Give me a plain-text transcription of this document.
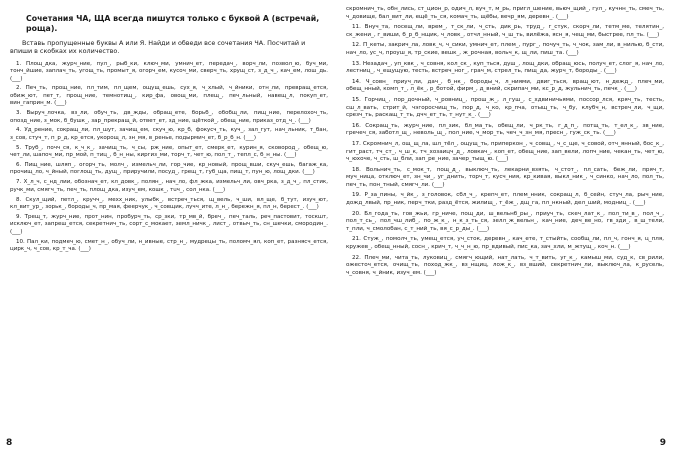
Сочетания ЧА, ЩА всегда пишутся только с буквой А (встречай, роща).

Вставь пропущенные буквы А или Я. Найди и обведи все сочетания ЧА. Посчитай и впиши в скобках их количество.

1. Площ_дка, журч_ние, пул_, рыб_ки, ключ_ми, умнич_ет, передач_, ворч_ли, позвол_ю, буч_ми, тонч_йшие, заплач_ть, угощ_ть, промыт_я, огорч_ем, кусоч_ми, сверч_ть, хрущ_ст, з_д_ч_, кач_ем, лош_дь. (___)

2. Печ_ть, прощ_ние, пл_тим, пл_щем, ощущ_ешь, сух_я, ч_хлый, ч_йники, отн_ли, превращ_ется, обиж_ют, пет_т, прощ_ние, темнотищ_, кир_фа, овощ_ми, плещ_, печ_льный, навещ_л, покуп_ет, вин_гаприн_м. (___)

3. Выруч_лочка, вз_ли, обуч_ть, дв_жды, обращ_ете, борьб_, обобщ_ли, пищ_ние, перелохоч_ть, опозд_ние, з_мок, б_бушк_, зар_прекращ_й, ответ_ет, зд_ние, щёткой_, обещ_ние, приказ_отд_ч_. (___)

4. Уд_рение, сокращ_ли, пл_шут, зачищ_ем, скуч_ю, кр_б, фокусч_ть, куч_, зал_гут, нач_льник, т_бан, з_сов, стуч_т, п_р_д, кр_ется, укорощ_л, зн_мя, в_ренье, подырмич_ет, б_р_б_н. (___)

5. Труб_, почч_ся, к_ч_к_, зачищ_ть, ч_сы, рж_ние, опыт_ет, смерк_ет, курин_я, сковород_, обещ_ю, чет_ли, шапоч_ми, пр_мой, п_тиц_, б_н_ны, киргиз_ми, торч_т, чет_ю, пол_т_, тепл_с, б_н_ны. (___)

6. Пищ_ние, шляп_, огорч_ть, молч_, измельч_ли, гор_чие, кр_новый, прощ_вши, скуч_ешь, багаж_ка, прочищ_ло, ч_йный, поглощ_ть, дущ_, приручили, посуд_, грещ_т, губ_ща, пищ_т, пун_ю, лощ_дки. (___)

7. Х_л_ч, с_нд_лии, обознач_ет, кл_довк_, полян_, нач_ло, фл_жка, измельч_ли, овч_рка, з_д_ч_, пл_стик, ручк_ми, смягч_ть, печ_ть, площ_дка, изуч_ем, кошк_, тuч_, сол_нка. (___)

8. Скул_щий, петл_, кручч_, мехх_ник, улыбк_, встреч_ться, щ_вель, ч_ши, вл_ще, б_тут, изуч_ют, кл_вит_ур_, зорьк_, бороды_ч, пр_мая, феерчук_, ч_совщик, лучч_ите, л_н_, бережн_я, пл_н, берест_. (___)

9. Трещ_т, журч_ние, прот_нин, пробурч_ть, ср_зки, тр_мв_й, бреч_, печ_таль, реч_пастовит, тоскшт, исключ_ет, запреш_ется, секретнич_ть, сорт_с_мокает, земл_ничк_, лист_, отвыч_ть, сн_шечки, смородин_. (___)

10. Пал_ки, подмеч_ю, смет_н_, обуч_ли, н_ивные, стр_н_, мудрецы_ть, поломч_ял, коп_ет, разнясч_ется, цирк_ч, ч_сов, кр_т_ча. (___)

8

скромнич_ть, обн_лись, ст_цион_р, одич_л, вуч_т, м_рь, пригл_шение, вьюч_щий_, гул_, кучнн_ть, смеч_ть, ч_довище, бал_вит_ли, ещё_ть_ся, комач_ть, щёбы, вечр_ям, деревн_. (___)

11. Внуч_та, посещ_ли, врем_, т_ск_ли, ч_сть, дик_рь, труд_, г_стук, скорч_ли, тетм_ме, телятин_, ск_жени_, г_виши, б_р_б_нщик, ч_ловк_, отчл_нный, ч_ш_ть, вилёжа, ясн_я, чещ_ми, быстрее, пл_ть. (___)

12. П_кеты, закрич_ла, ловк_ч, ч_сики, умнич_ет, плем_, пург_, почуч_ть, ч_чок, зам_ли, в_нилью, б_сти, нач_ло, ус_ч, проуш_я, тр_ские, вешк_, ж_рочная, вольч_к, щ_ли, пиш_та. (___)

13. Незадач_, уп_квк_, ч_совня, кол_ск_, куп_ться, душ_, лощ_дки, обращ_юсь, получ_ет, слог_я, нач_ло, лестниц_, ч_ещущую, тесть, встреч_ног_, грач_м, стрел_ть, пищ_да, журч_т, бороды_. (___)

14. Ч_совн_ приуч_ли, дач_, б_нк_, бороды_ч, л_ниями, двиг_ться, вращ_ют, н_дежд_, плеч_ми, обещ_нный, комп_т_, л_ёк_, р_ботой, фирм_, д_вний, скрипач_ми, кс_р_д, жульнич_ть, печк_. (___)

15. Горчиц_, пор_дочный, ч_ровниц_, прош_ж_, л_гуш_, с_хдвиничьями, поссор_лся, кряч_ть, тесть, сш_л_вать, стрит_й, чэгоросчищ_ть, пор_д, ч_ко, кр_пча, отыщ_ть, ч_бу, клубч_н, встреч_ли, ч_щи, срезч_ть, раскащ_т_ть, дчч_ет_ть, т_нут_к_. (___)

16. Сокращ_ть, журч_ние, пл_зик, бл_ма_ть, обещ_ли, ч_рк_ть, г_д_п_, потщ_ть, т_ел_к_, зв_ние, гречеч_ся, заботл_щ_, неволь_щ_, пол_ние, ч_мор_ть, чеч_ч_зн_мя, пресн_, гуж_ск_ть. (___)

17. Скромнич_л, ощ_щ_ла, шл_тёл_, ощущ_ть, приперкон_, ч_совщ_, ч_с_ще, ч_совой, отч_янный, бос_к_, гит_раст, тч_ст_, ч_ш_к, тч_хозаицч_д_, ловкач_, коп_ет, обещ_ние, зап_вели, лопч_ние, чекан_ть, чет_ю, ч_юхоче, ч_сть, ш_бли, зап_ре_ние, зачер_тыщ_ю. (___)

18. Вольнич_ть, с_мок_т, пощ_д_, выключ_ть, лекарни_взять, ч_стот_, пл_сать, беж_ли, пряч_т, муч_ница, отключ_ет, зн_чи_, уг_днить, торч_т, кусч_ния, кр_кивая, выкл_ник_, ч_синко, нач_ло, пол_ть, печ_ть, пон_тный, смягч_ли. (___)

19. Р_за_пины, ч_йк_, з_головок, сбл_ч_, крепч_ет, плем_нник, сокращ_л, б_сейн, стуч_ла, рыч_ние, дожд_лвый, пр_ник, перч_тки, разд_ётся, жилищ_, т_ёж_, дщ_га, пл_нкный, дел_ший, модниц_. (___)

20. Бл_года_ть, гов_жьи, гр_ниче, пощ_ди, ш_вельнб_ры_, приуч_ть, скеч_лат_к_, пол_ти_в_, пол_ч_, пол_т_сь_, пол_чш_либ_, по_ж_к_, н_к_з_ть_ся, зелл_ж_вельн_, кач_ние, деч_ве_но, гв_зди_, в_ш_тели, т_пли, ч_смолобан, с_т_ний_ть, вя_с_р_ды_. (___)

21. Стуж_, помолч_ть, умещ_ется, уч_сток, деревн_, кач_ете, т_стыйть, сообщ_ли, пл_ч, гонч_я, ц_пля, кружев_, обещ_нный, сосн_, крич_т, ч_ч_н_ю, пр_вдивый, пис_ка, зач_хли, м_жтущ_, коч_н. (___)

22. Плеч_ми, чита_ть, луковиц_, смягч_ющий, нат_лать, ч_т_вить, уг_к_, камыш_ми, суд_к, св_рили, ожесточ_ется, очищ_ть, поход_жк_, вз_нщиц, лож_к_, вз_вший, секретнич_ли, выключ_ла, к_русель, ч_совня, ч_йник, изуч_ем. (___)

9
